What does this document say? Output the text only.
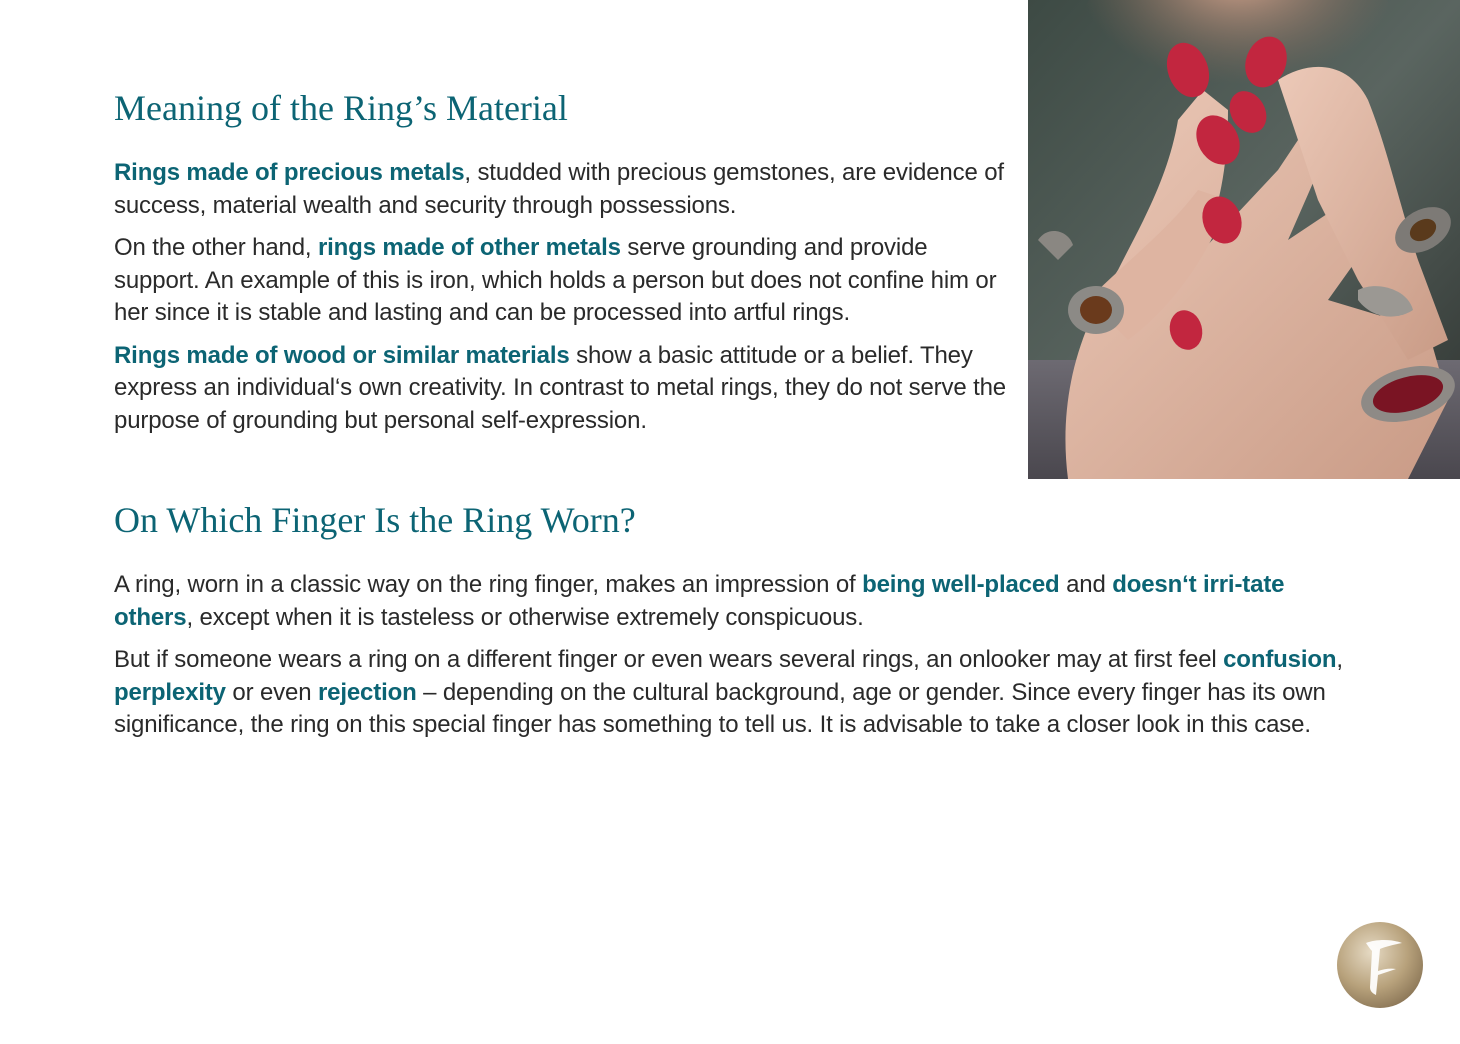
Meaning of the Ring’s Material

Rings made of precious metals, studded with precious gemstones, are evidence of success, material wealth and security through possessions.

On the other hand, rings made of other metals serve grounding and provide support. An example of this is iron, which holds a person but does not confine him or her since it is stable and lasting and can be processed into artful rings.

Rings made of wood or similar materials show a basic attitude or a belief. They express an individual‘s own creativity. In contrast to metal rings, they do not serve the purpose of grounding but personal self-expression.

On Which Finger Is the Ring Worn?

A ring, worn in a classic way on the ring finger, makes an impression of being well-placed and doesn‘t irri-tate others, except when it is tasteless or otherwise extremely conspicuous.

But if someone wears a ring on a different finger or even wears several rings, an onlooker may at first feel confusion, perplexity or even rejection – depending on the cultural background, age or gender. Since every finger has its own significance, the ring on this special finger has something to tell us. It is advisable to take a closer look in this case.
